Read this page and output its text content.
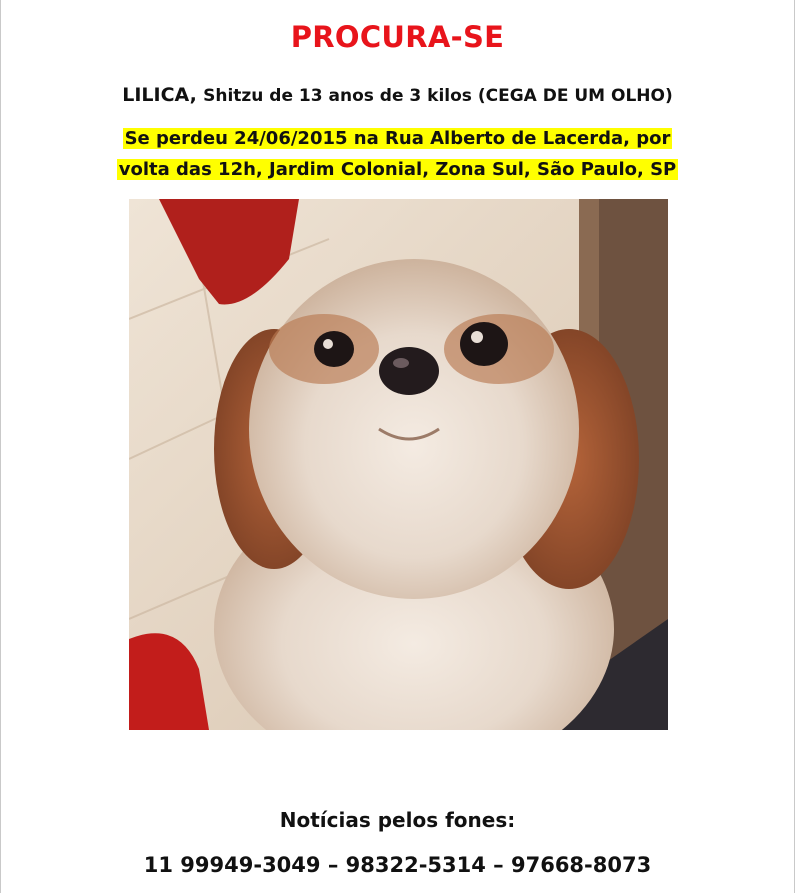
PROCURA-SE
LILICA, Shitzu de 13 anos de 3 kilos (CEGA DE UM OLHO)
Se perdeu 24/06/2015 na Rua Alberto de Lacerda, por
volta das 12h, Jardim Colonial, Zona Sul, São Paulo, SP
Notícias pelos fones:
11 99949-3049 – 98322-5314 – 97668-8073
